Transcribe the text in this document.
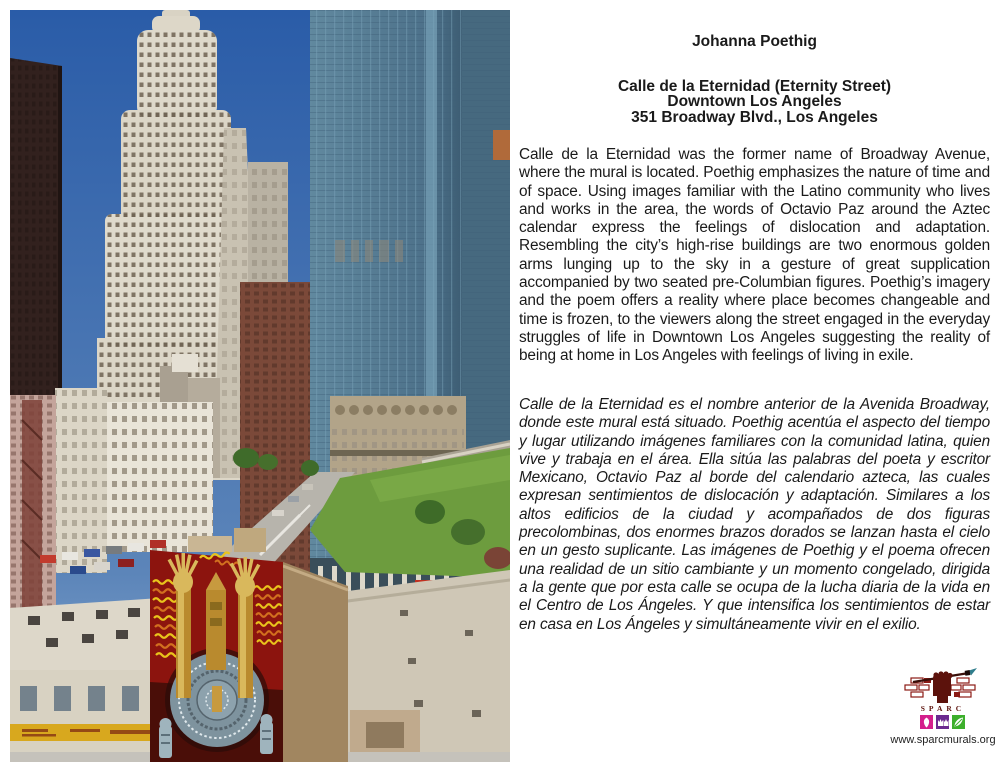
Johanna Poethig
Calle de la Eternidad (Eternity Street)
Downtown Los Angeles
351 Broadway Blvd., Los Angeles
Calle de la Eternidad was the former name of Broadway Avenue, where the mural is located. Poethig emphasizes the nature of time and of space. Using images familiar with the Latino community who lives and works in the area, the words of Octavio Paz around the Aztec calendar express the feelings of dislocation and adaptation. Resembling the city’s high-rise buildings are two enormous golden arms lunging up to the sky in a gesture of great supplication accompanied by two seated pre-Columbian figures. Poethig’s imagery and the poem offers a reality where place becomes changeable and time is frozen, to the viewers along the street engaged in the everyday struggles of life in Downtown Los Angeles suggesting the reality of being at home in Los Angeles with feelings of living in exile.
Calle de la Eternidad es el nombre anterior de la Avenida Broadway, donde este mural está situado. Poethig acentúa el aspecto del tiempo y lugar utilizando imágenes familiares con la comunidad latina, quien vive y trabaja en el área. Ella sitúa las palabras del poeta y escritor Mexicano, Octavio Paz al borde del calendario azteca, las cuales expresan sentimientos de dislocación y adaptación. Similares a los altos edificios de la ciudad y acompañados de dos figuras precolombinas, dos enormes brazos dorados se lanzan hasta el cielo en un gesto suplicante. Las imágenes de Poethig y el poema ofrecen una realidad de un sitio cambiante y un momento congelado, dirigida a la gente que por esta calle se ocupa de la lucha diaria de la vida en el Centro de Los Ángeles. Y que intensifica los sentimientos de estar en casa en Los Ángeles y simultáneamente vivir en el exilio.
SPARC
www.sparcmurals.org
